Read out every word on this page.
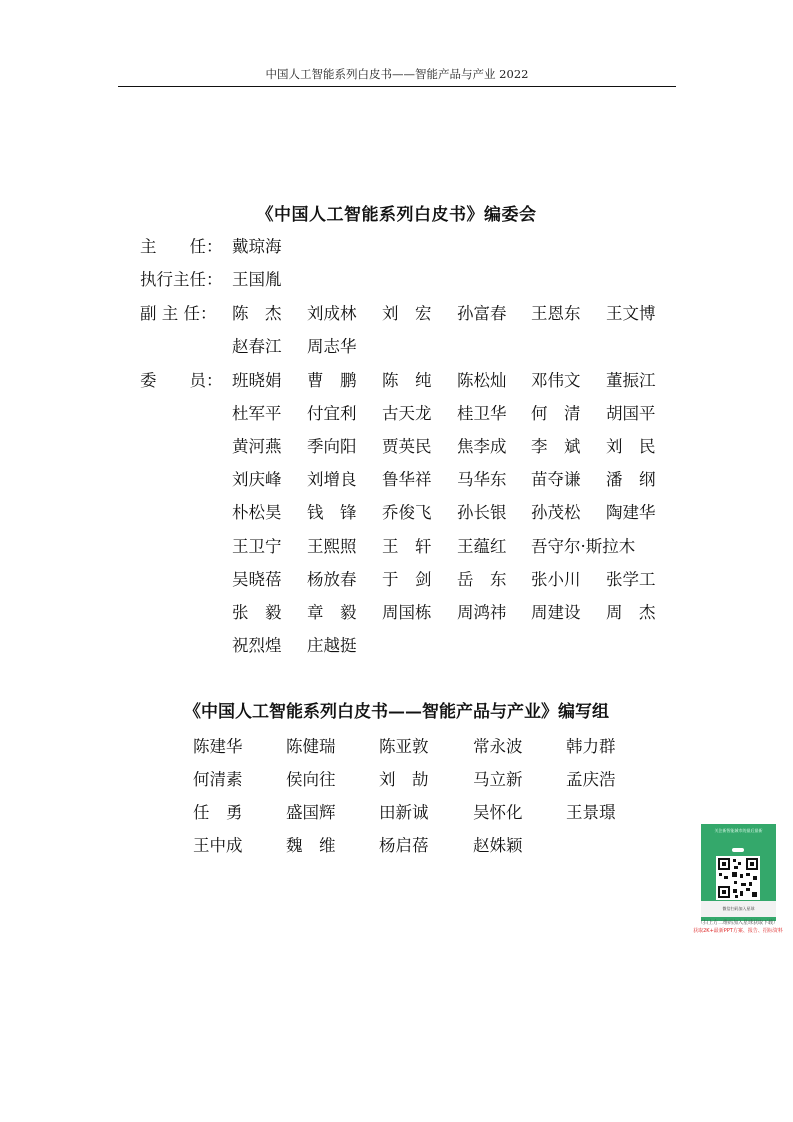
中国人工智能系列白皮书——智能产品与产业 2022
《中国人工智能系列白皮书》编委会
主　　任： 戴琼海
执行主任： 王国胤
副 主 任： 陈　杰 刘成林 刘　宏 孙富春 王恩东 王文博
赵春江 周志华
委　　员： 班晓娟 曹　鹏 陈　纯 陈松灿 邓伟文 董振江
杜军平 付宜利 古天龙 桂卫华 何　清 胡国平
黄河燕 季向阳 贾英民 焦李成 李　斌 刘　民
刘庆峰 刘增良 鲁华祥 马华东 苗夺谦 潘　纲
朴松昊 钱　锋 乔俊飞 孙长银 孙茂松 陶建华
王卫宁 王熙照 王　轩 王蕴红 吾守尔·斯拉木
吴晓蓓 杨放春 于　剑 岳　东 张小川 张学工
张　毅 章　毅 周国栋 周鸿祎 周建设 周　杰
祝烈煌 庄越挺
《中国人工智能系列白皮书——智能产品与产业》编写组
陈建华	陈健瑞	陈亚敦	常永波	韩力群
何清素	侯向往	刘　劼	马立新	孟庆浩
任　勇	盛国辉	田新诚	吴怀化	王景璟
王中成	魏　维	杨启蓓	赵姝颖
关注新智能城市的最后最新
微信扫码加入星球
（扫上方二维码加入星球获取下载）
获取2K+最新PPT方案、报告、招标资料
